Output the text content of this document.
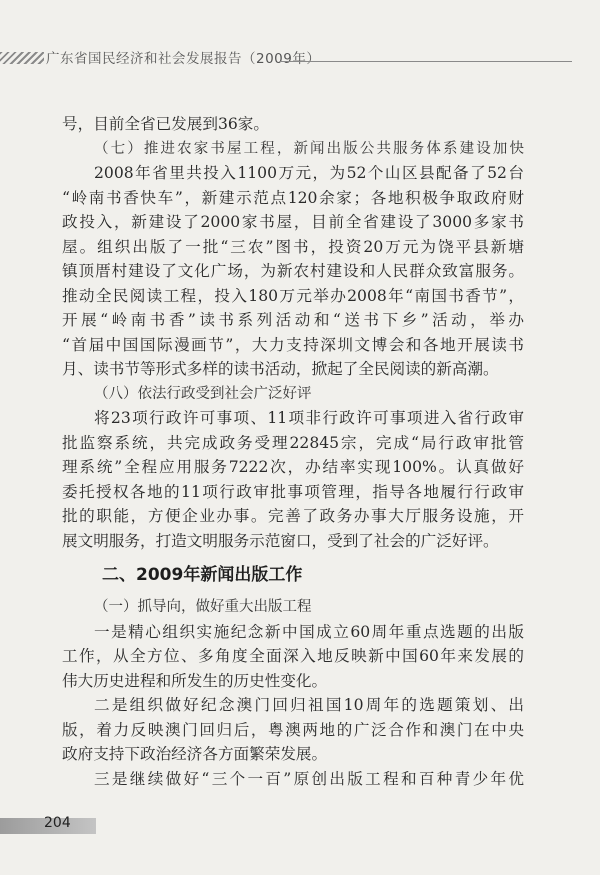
广东省国民经济和社会发展报告（2009年）
号，目前全省已发展到36家。
（七）推进农家书屋工程，新闻出版公共服务体系建设加快
2008年省里共投入1100万元，为52个山区县配备了52台
“岭南书香快车”，新建示范点120余家；各地积极争取政府财
政投入，新建设了2000家书屋，目前全省建设了3000多家书
屋。组织出版了一批“三农”图书，投资20万元为饶平县新塘
镇顶厝村建设了文化广场，为新农村建设和人民群众致富服务。
推动全民阅读工程，投入180万元举办2008年“南国书香节”，
开展“岭南书香”读书系列活动和“送书下乡”活动，举办
“首届中国国际漫画节”，大力支持深圳文博会和各地开展读书
月、读书节等形式多样的读书活动，掀起了全民阅读的新高潮。
（八）依法行政受到社会广泛好评
将23项行政许可事项、11项非行政许可事项进入省行政审
批监察系统，共完成政务受理22845宗，完成“局行政审批管
理系统”全程应用服务7222次，办结率实现100%。认真做好
委托授权各地的11项行政审批事项管理，指导各地履行行政审
批的职能，方便企业办事。完善了政务办事大厅服务设施，开
展文明服务，打造文明服务示范窗口，受到了社会的广泛好评。
二、2009年新闻出版工作
（一）抓导向，做好重大出版工程
一是精心组织实施纪念新中国成立60周年重点选题的出版
工作，从全方位、多角度全面深入地反映新中国60年来发展的
伟大历史进程和所发生的历史性变化。
二是组织做好纪念澳门回归祖国10周年的选题策划、出
版，着力反映澳门回归后，粤澳两地的广泛合作和澳门在中央
政府支持下政治经济各方面繁荣发展。
三是继续做好“三个一百”原创出版工程和百种青少年优
204
